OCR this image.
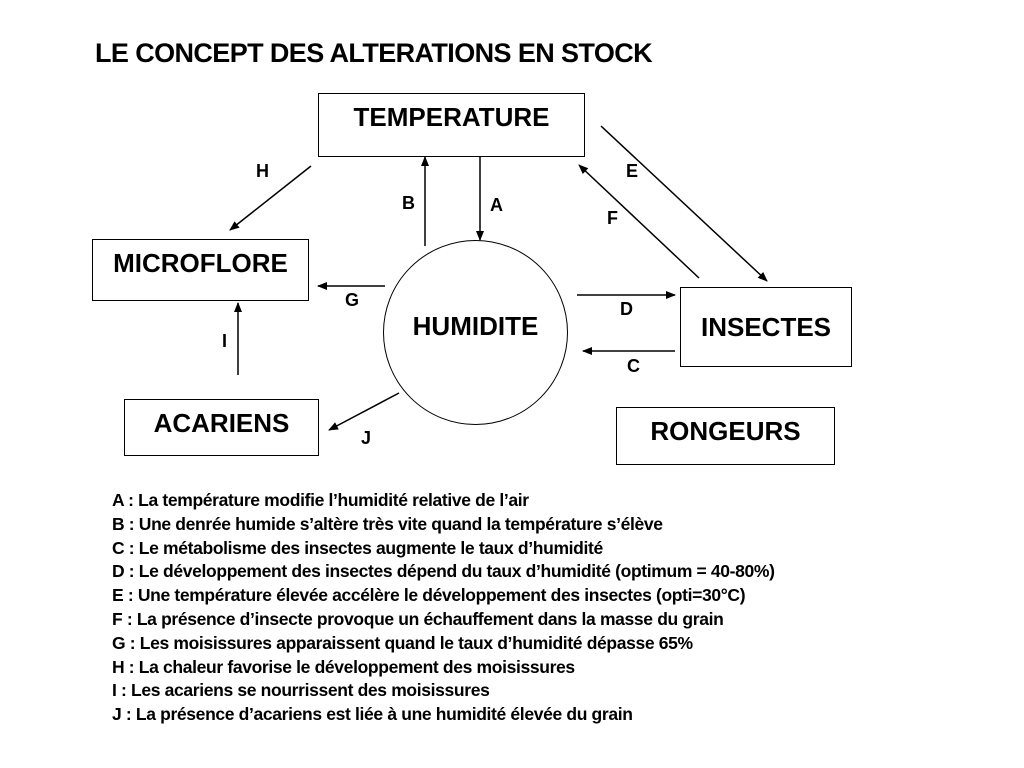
LE CONCEPT DES ALTERATIONS EN STOCK
TEMPERATURE
MICROFLORE
ACARIENS
INSECTES
RONGEURS
HUMIDITE
A
B
C
D
E
F
G
H
I
J
A : La température modifie l’humidité relative de l’air
B : Une denrée humide s’altère très vite quand la température s’élève
C : Le métabolisme des insectes augmente le taux d’humidité
D : Le développement des insectes dépend du taux d’humidité (optimum = 40-80%)
E : Une température élevée accélère le développement des insectes (opti=30°C)
F : La présence d’insecte provoque un échauffement dans la masse du grain
G : Les moisissures apparaissent quand le taux d’humidité dépasse 65%
H : La chaleur favorise le développement des moisissures
I : Les acariens se nourrissent des moisissures
J : La présence d’acariens est liée à une humidité élevée du grain
